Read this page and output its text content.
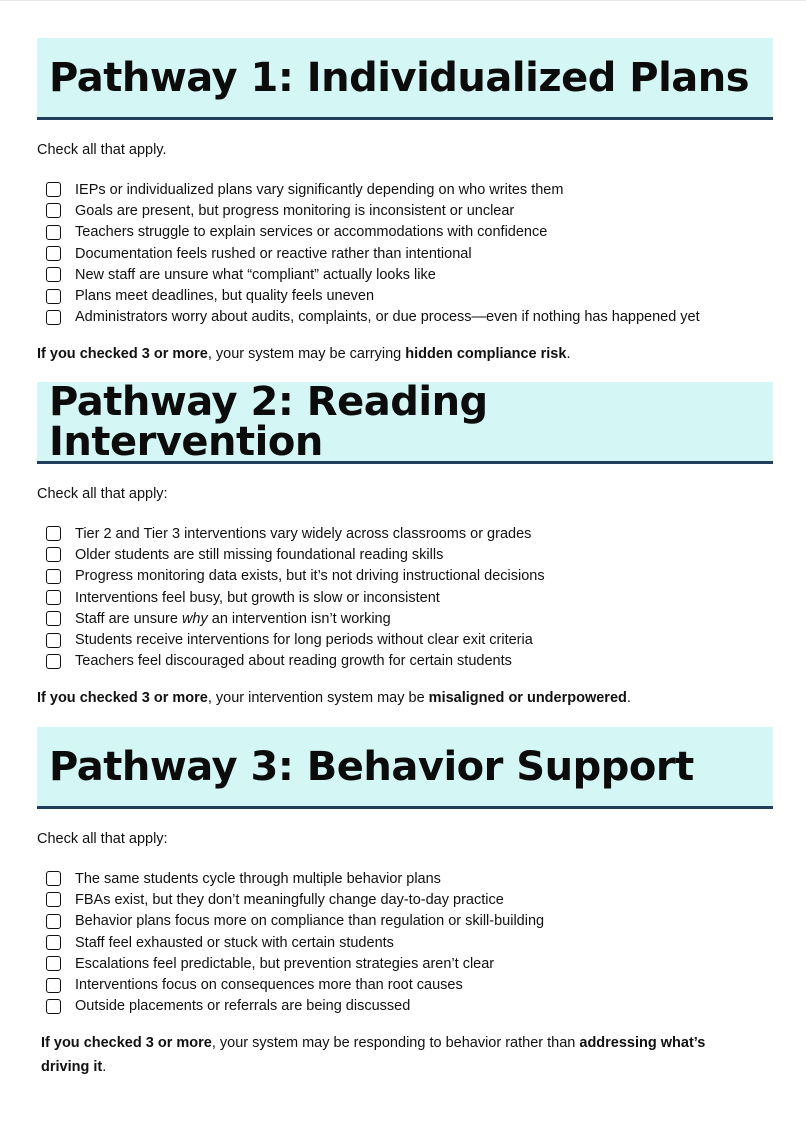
Pathway 1: Individualized Plans

Check all that apply.

IEPs or individualized plans vary significantly depending on who writes them
Goals are present, but progress monitoring is inconsistent or unclear
Teachers struggle to explain services or accommodations with confidence
Documentation feels rushed or reactive rather than intentional
New staff are unsure what “compliant” actually looks like
Plans meet deadlines, but quality feels uneven
Administrators worry about audits, complaints, or due process—even if nothing has happened yet

If you checked 3 or more, your system may be carrying hidden compliance risk.

Pathway 2: Reading Intervention

Check all that apply:

Tier 2 and Tier 3 interventions vary widely across classrooms or grades
Older students are still missing foundational reading skills
Progress monitoring data exists, but it’s not driving instructional decisions
Interventions feel busy, but growth is slow or inconsistent
Staff are unsure why an intervention isn’t working
Students receive interventions for long periods without clear exit criteria
Teachers feel discouraged about reading growth for certain students

If you checked 3 or more, your intervention system may be misaligned or underpowered.

Pathway 3: Behavior Support

Check all that apply:

The same students cycle through multiple behavior plans
FBAs exist, but they don’t meaningfully change day-to-day practice
Behavior plans focus more on compliance than regulation or skill-building
Staff feel exhausted or stuck with certain students
Escalations feel predictable, but prevention strategies aren’t clear
Interventions focus on consequences more than root causes
Outside placements or referrals are being discussed

If you checked 3 or more, your system may be responding to behavior rather than addressing what’s driving it.
